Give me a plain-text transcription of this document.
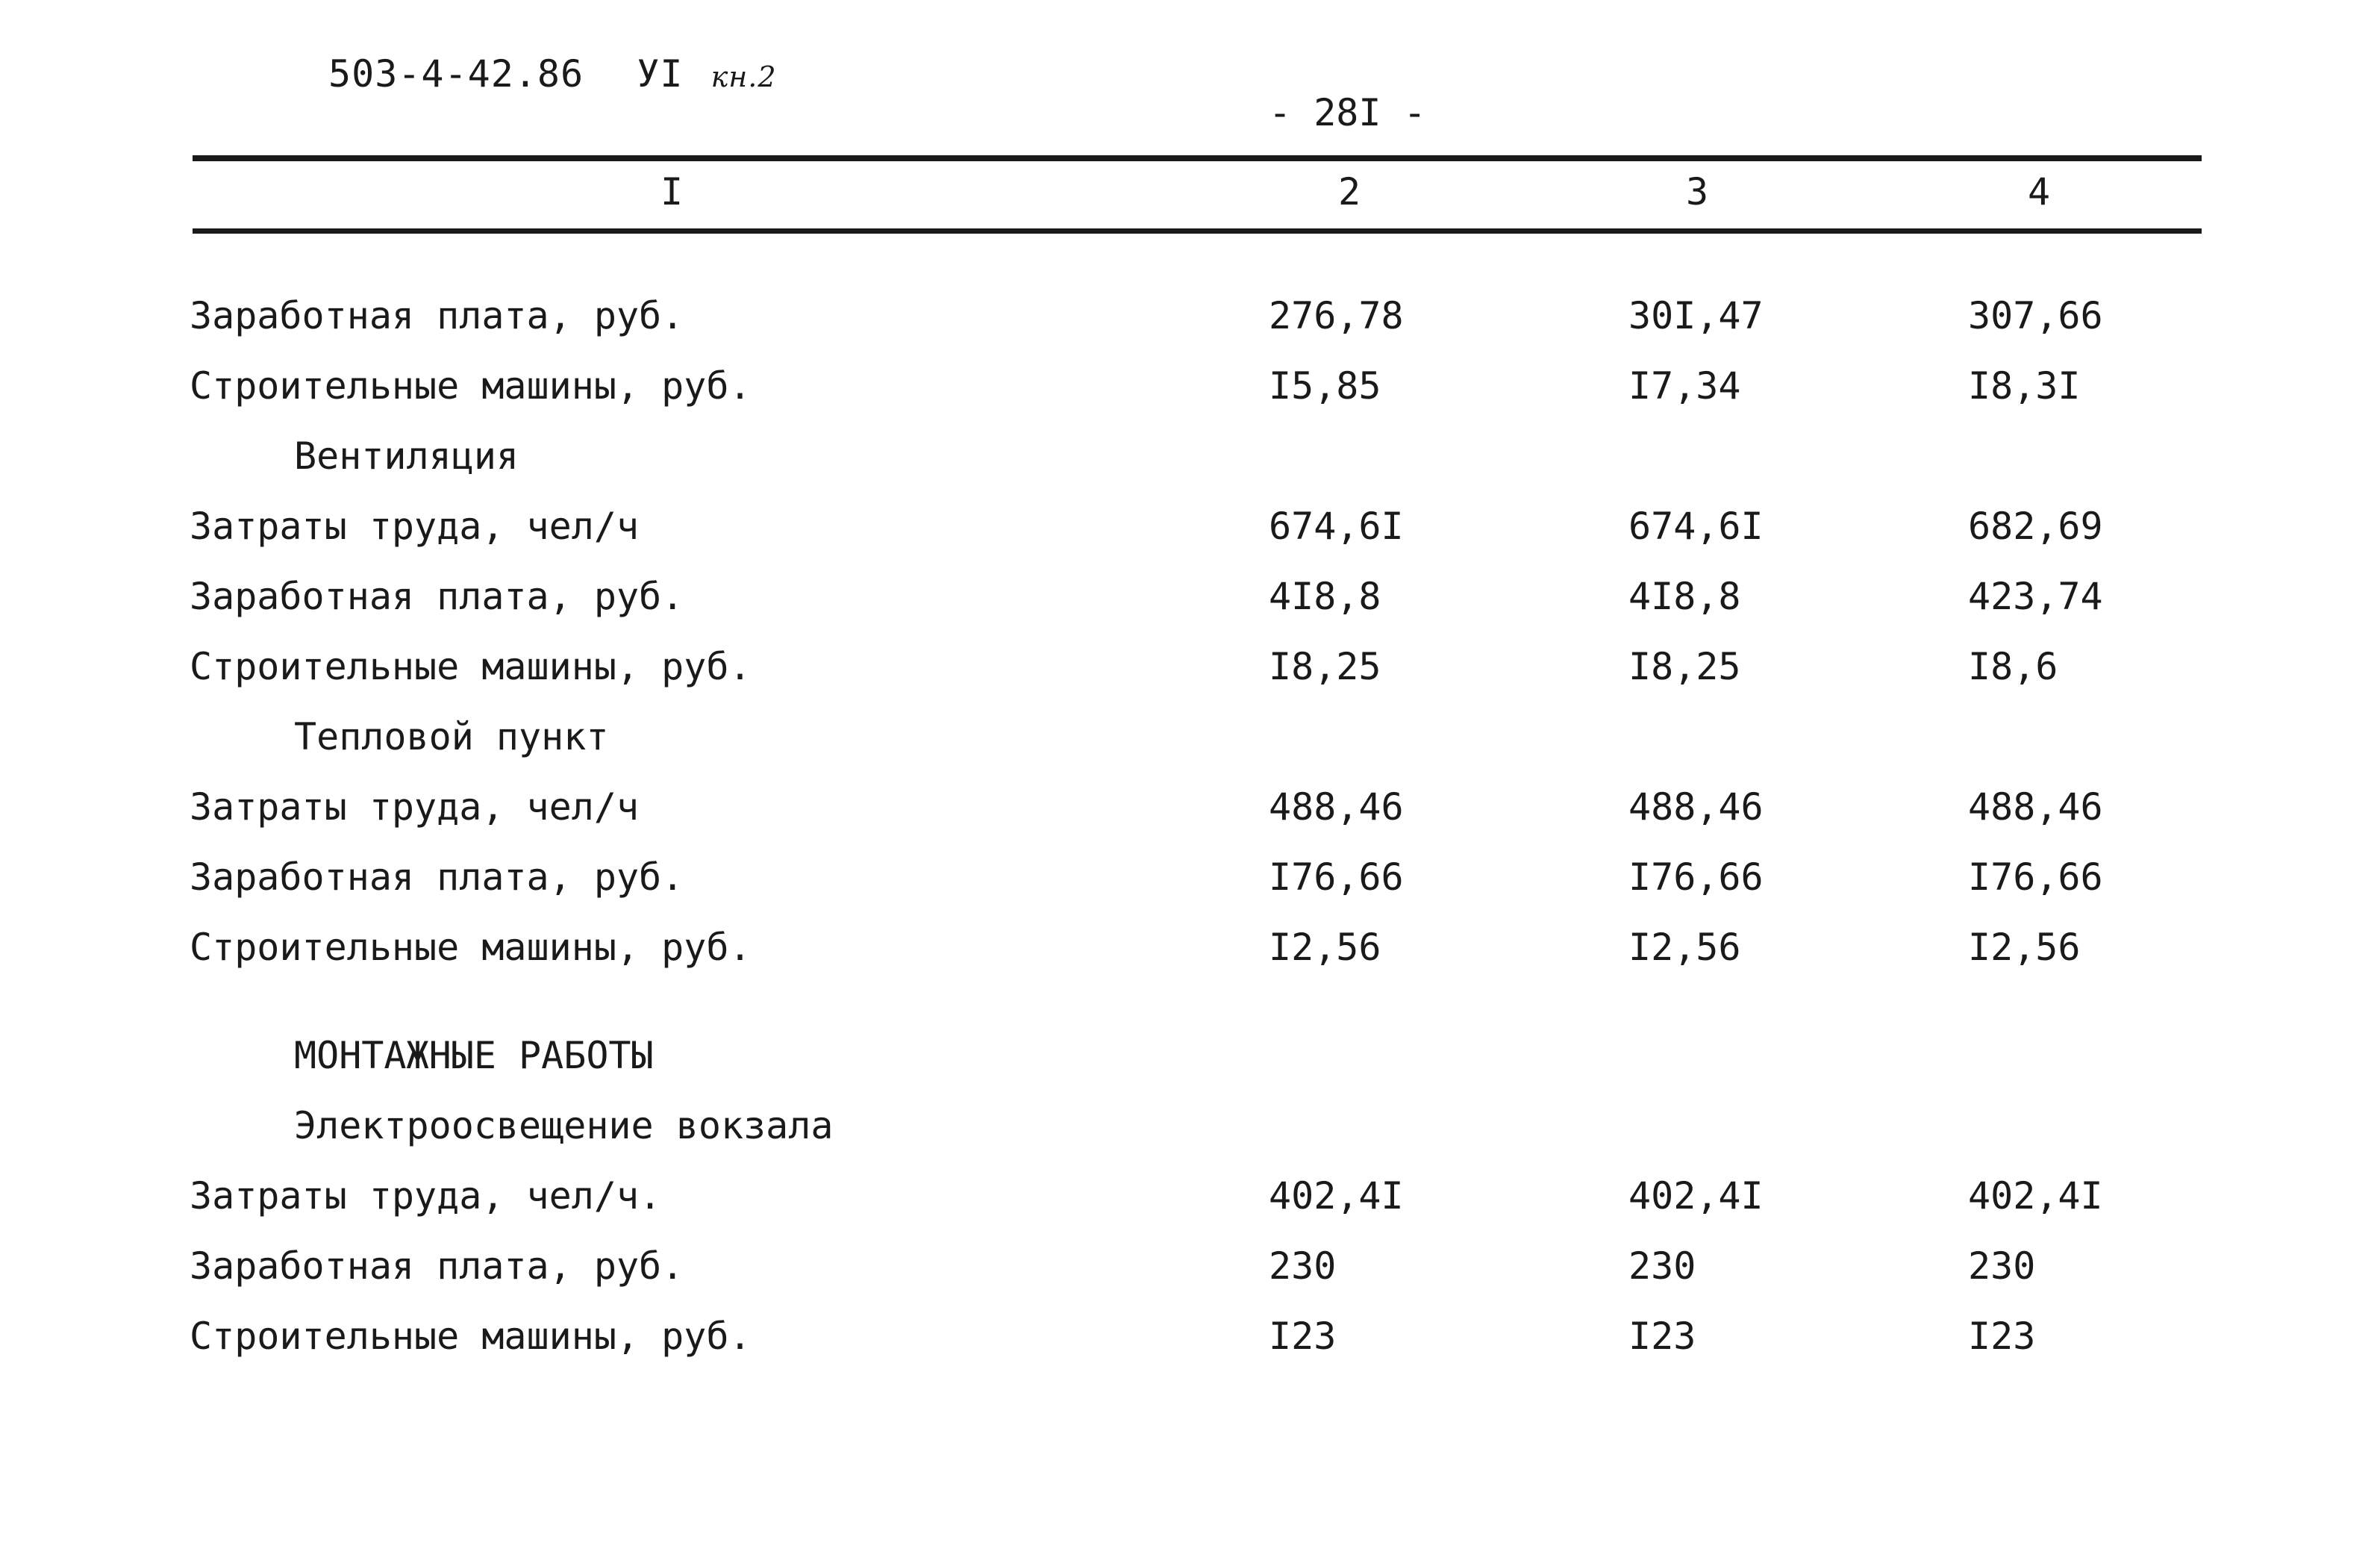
503-4-42.86 УI кн.2
- 28I -
I	2	3	4
Заработная плата, руб.	276,78	30I,47	307,66
Строительные машины, руб.	I5,85	I7,34	I8,3I
Вентиляция
Затраты труда, чел/ч	674,6I	674,6I	682,69
Заработная плата, руб.	4I8,8	4I8,8	423,74
Строительные машины, руб.	I8,25	I8,25	I8,6
Тепловой пункт
Затраты труда, чел/ч	488,46	488,46	488,46
Заработная плата, руб.	I76,66	I76,66	I76,66
Строительные машины, руб.	I2,56	I2,56	I2,56
МОНТАЖНЫЕ РАБОТЫ
Электроосвещение вокзала
Затраты труда, чел/ч.	402,4I	402,4I	402,4I
Заработная плата, руб.	230	230	230
Строительные машины, руб.	I23	I23	I23
